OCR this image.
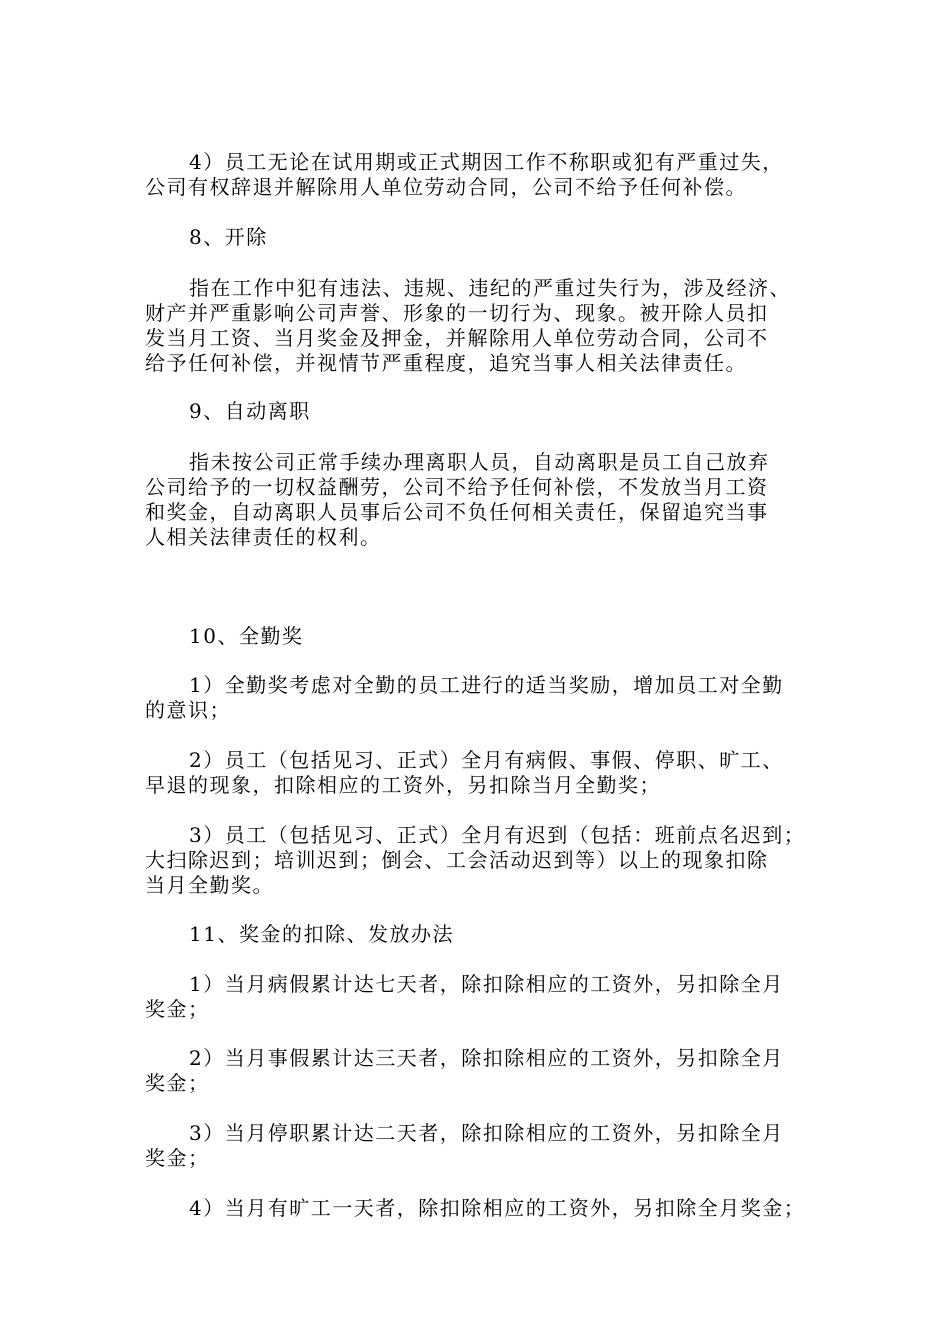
4）员工无论在试用期或正式期因工作不称职或犯有严重过失，
公司有权辞退并解除用人单位劳动合同，公司不给予任何补偿。
8、开除
指在工作中犯有违法、违规、违纪的严重过失行为，涉及经济、
财产并严重影响公司声誉、形象的一切行为、现象。被开除人员扣
发当月工资、当月奖金及押金，并解除用人单位劳动合同，公司不
给予任何补偿，并视情节严重程度，追究当事人相关法律责任。
9、自动离职
指未按公司正常手续办理离职人员，自动离职是员工自己放弃
公司给予的一切权益酬劳，公司不给予任何补偿，不发放当月工资
和奖金，自动离职人员事后公司不负任何相关责任，保留追究当事
人相关法律责任的权利。
10、全勤奖
1）全勤奖考虑对全勤的员工进行的适当奖励，增加员工对全勤
的意识；
2）员工（包括见习、正式）全月有病假、事假、停职、旷工、
早退的现象，扣除相应的工资外，另扣除当月全勤奖；
3）员工（包括见习、正式）全月有迟到（包括：班前点名迟到；
大扫除迟到；培训迟到；倒会、工会活动迟到等）以上的现象扣除
当月全勤奖。
11、奖金的扣除、发放办法
1）当月病假累计达七天者，除扣除相应的工资外，另扣除全月
奖金；
2）当月事假累计达三天者，除扣除相应的工资外，另扣除全月
奖金；
3）当月停职累计达二天者，除扣除相应的工资外，另扣除全月
奖金；
4）当月有旷工一天者，除扣除相应的工资外，另扣除全月奖金；
